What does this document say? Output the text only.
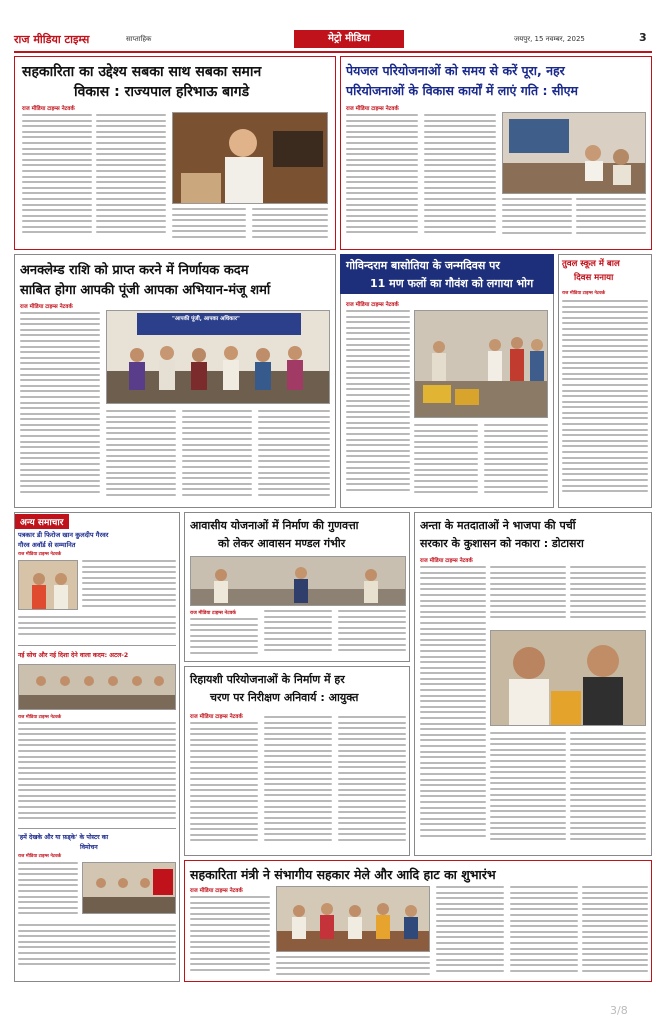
राज मीडिया टाइम्स	साप्ताहिक	मेट्रो मीडिया	जयपुर, 15 नवम्बर, 2025	3
सहकारिता का उद्देश्य सबका साथ सबका समान
विकास : राज्यपाल हरिभाऊ बागडे
राज मीडिया टाइम्स नेटवर्क
पेयजल परियोजनाओं को समय से करें पूरा, नहर
परियोजनाओं के विकास कार्यों में लाएं गति : सीएम
राज मीडिया टाइम्स नेटवर्क
अनक्लेम्ड राशि को प्राप्त करने में निर्णायक कदम
साबित होगा आपकी पूंजी आपका अभियान-मंजू शर्मा
राज मीडिया टाइम्स नेटवर्क
"आपकी पूंजी, आपका अधिकार"
गोविन्दराम बासोतिया के जन्मदिवस पर
11 मण फलों का गौवंश को लगाया भोग
राज मीडिया टाइम्स नेटवर्क
तुवल स्कूल में बाल
दिवस मनाया
राज मीडिया टाइम्स नेटवर्क
अन्य समाचार
पत्रकार डी फिरोज खान कुलदीप गैरवर
गौरव अवॉर्ड से सम्मानित
राज मीडिया टाइम्स नेटवर्क
नई सोच और नई दिशा देने वाला कदम: अटल-2
राज मीडिया टाइम्स नेटवर्क
'हमें देखके और या फ़ड्के' के पोस्टर का
विमोचन
राज मीडिया टाइम्स नेटवर्क
आवासीय योजनाओं में निर्माण की गुणवत्ता
को लेकर आवासन मण्डल गंभीर
राज मीडिया टाइम्स नेटवर्क
अन्ता के मतदाताओं ने भाजपा की पर्ची
सरकार के कुशासन को नकारा : डोटासरा
राज मीडिया टाइम्स नेटवर्क
रिहायशी परियोजनाओं के निर्माण में हर
चरण पर निरीक्षण अनिवार्य : आयुक्त
राज मीडिया टाइम्स नेटवर्क
सहकारिता मंत्री ने संभागीय सहकार मेले और आदि हाट का शुभारंभ
राज मीडिया टाइम्स नेटवर्क
3/8
